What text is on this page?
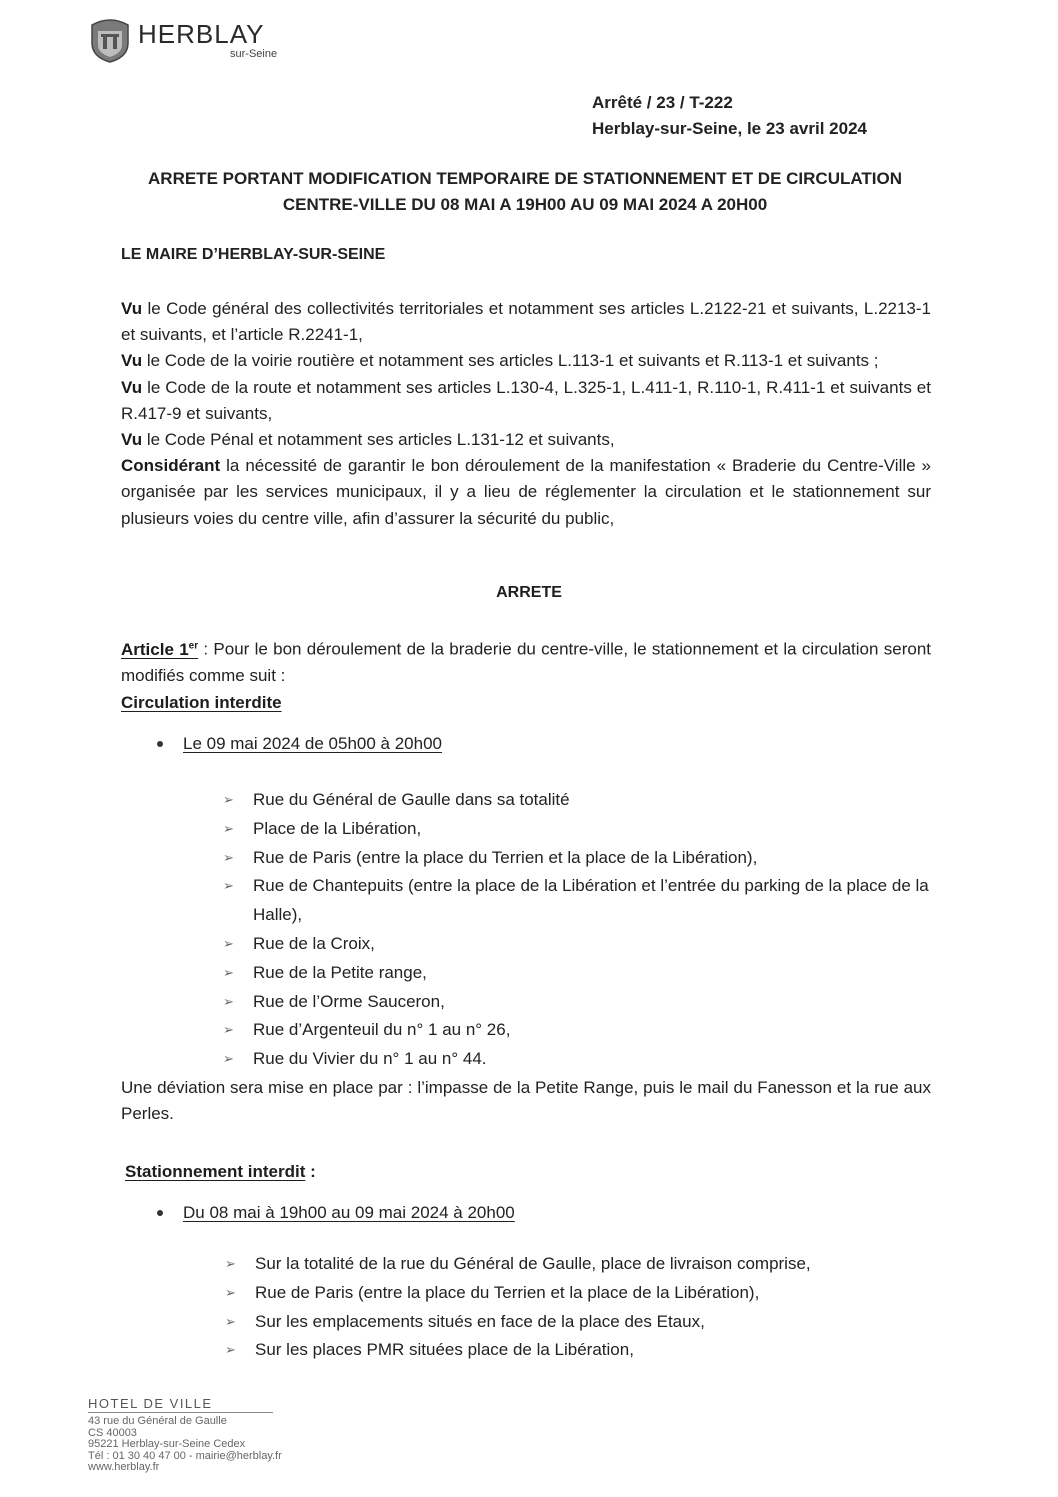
HERBLAY
sur-Seine
Arrêté / 23 / T-222
Herblay-sur-Seine, le 23 avril 2024
ARRETE PORTANT MODIFICATION TEMPORAIRE DE STATIONNEMENT ET DE CIRCULATION
CENTRE-VILLE DU 08 MAI A 19H00 AU 09 MAI 2024 A 20H00
LE MAIRE D’HERBLAY-SUR-SEINE
Vu le Code général des collectivités territoriales et notamment ses articles L.2122-21 et suivants, L.2213-1 et suivants, et l’article R.2241-1,
Vu le Code de la voirie routière et notamment ses articles L.113-1 et suivants et R.113-1 et suivants ;
Vu le Code de la route et notamment ses articles L.130-4, L.325-1, L.411-1, R.110-1, R.411-1 et suivants et R.417-9 et suivants,
Vu le Code Pénal et notamment ses articles L.131-12 et suivants,
Considérant la nécessité de garantir le bon déroulement de la manifestation « Braderie du Centre-Ville » organisée par les services municipaux, il y a lieu de réglementer la circulation et le stationnement sur plusieurs voies du centre ville, afin d’assurer la sécurité du public,
ARRETE
Article 1er : Pour le bon déroulement de la braderie du centre-ville, le stationnement et la circulation seront modifiés comme suit :
Circulation interdite
Le 09 mai 2024 de 05h00 à 20h00
➢ Rue du Général de Gaulle dans sa totalité
➢ Place de la Libération,
➢ Rue de Paris (entre la place du Terrien et la place de la Libération),
➢ Rue de Chantepuits (entre la place de la Libération et l’entrée du parking de la place de la Halle),
➢ Rue de la Croix,
➢ Rue de la Petite range,
➢ Rue de l’Orme Sauceron,
➢ Rue d’Argenteuil du n° 1 au n° 26,
➢ Rue du Vivier du n° 1 au n° 44.
Une déviation sera mise en place par : l’impasse de la Petite Range, puis le mail du Fanesson et la rue aux Perles.
Stationnement interdit :
Du 08 mai à 19h00 au 09 mai 2024 à 20h00
➢ Sur la totalité de la rue du Général de Gaulle, place de livraison comprise,
➢ Rue de Paris (entre la place du Terrien et la place de la Libération),
➢ Sur les emplacements situés en face de la place des Etaux,
➢ Sur les places PMR situées place de la Libération,
HOTEL DE VILLE
43 rue du Général de Gaulle
CS 40003
95221 Herblay-sur-Seine Cedex
Tél : 01 30 40 47 00 - mairie@herblay.fr
www.herblay.fr
